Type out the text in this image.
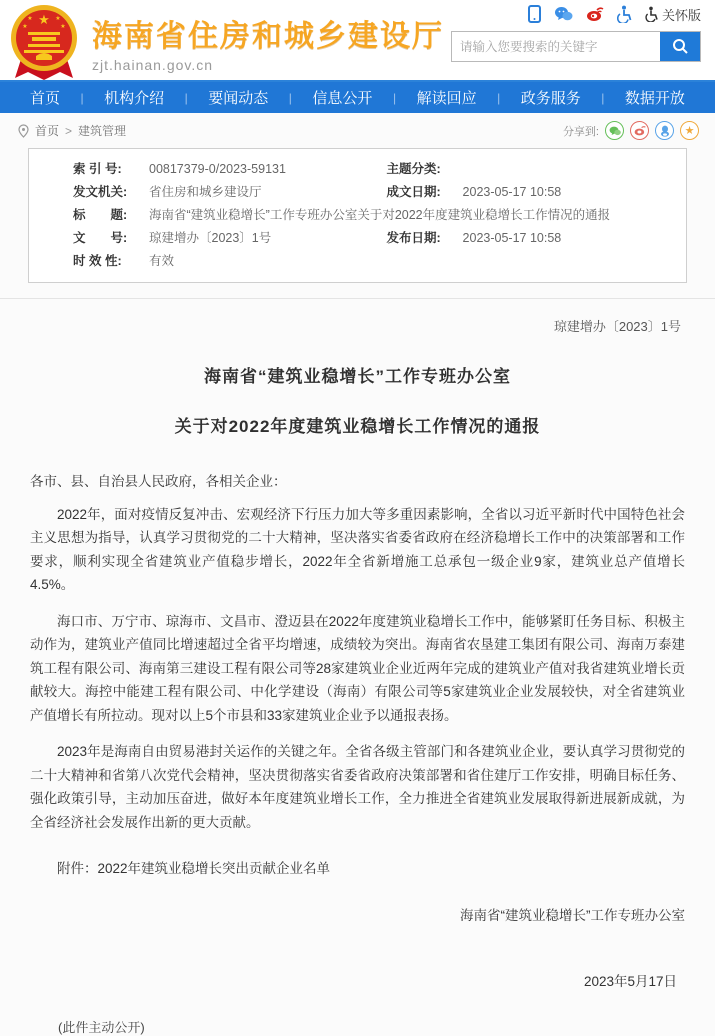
★
★	★
★	★ 海南省住房和城乡建设厅
zjt.hainan.gov.cn
关怀版
请输入您要搜索的关键字
首页 | 机构介绍 | 要闻动态 | 信息公开 | 解读回应 | 政务服务 | 数据开放
首页 > 建筑管理	分享到:	★
索 引 号:	00817379-0/2023-59131	主题分类:
发文机关:	省住房和城乡建设厅	成文日期:	2023-05-17 10:58
标　　题:	海南省“建筑业稳增长”工作专班办公室关于对2022年度建筑业稳增长工作情况的通报
文　　号:	琼建增办〔2023〕1号	发布日期:	2023-05-17 10:58
时 效 性:	有效
琼建增办〔2023〕1号
海南省“建筑业稳增长”工作专班办公室
关于对2022年度建筑业稳增长工作情况的通报
各市、县、自治县人民政府，各相关企业：

2022年，面对疫情反复冲击、宏观经济下行压力加大等多重因素影响，全省以习近平新时代中国特色社会主义思想为指导，认真学习贯彻党的二十大精神，坚决落实省委省政府在经济稳增长工作中的决策部署和工作要求，顺利实现全省建筑业产值稳步增长，2022年全省新增施工总承包一级企业9家，建筑业总产值增长4.5%。

海口市、万宁市、琼海市、文昌市、澄迈县在2022年度建筑业稳增长工作中，能够紧盯任务目标、积极主动作为，建筑业产值同比增速超过全省平均增速，成绩较为突出。海南省农垦建工集团有限公司、海南万泰建筑工程有限公司、海南第三建设工程有限公司等28家建筑业企业近两年完成的建筑业产值对我省建筑业增长贡献较大。海控中能建工程有限公司、中化学建设（海南）有限公司等5家建筑业企业发展较快，对全省建筑业产值增长有所拉动。现对以上5个市县和33家建筑业企业予以通报表扬。

2023年是海南自由贸易港封关运作的关键之年。全省各级主管部门和各建筑业企业，要认真学习贯彻党的二十大精神和省第八次党代会精神，坚决贯彻落实省委省政府决策部署和省住建厅工作安排，明确目标任务、强化政策引导，主动加压奋进，做好本年度建筑业增长工作，全力推进全省建筑业发展取得新进展新成就，为全省经济社会发展作出新的更大贡献。

附件：2022年建筑业稳增长突出贡献企业名单
海南省“建筑业稳增长”工作专班办公室
2023年5月17日
(此件主动公开)
